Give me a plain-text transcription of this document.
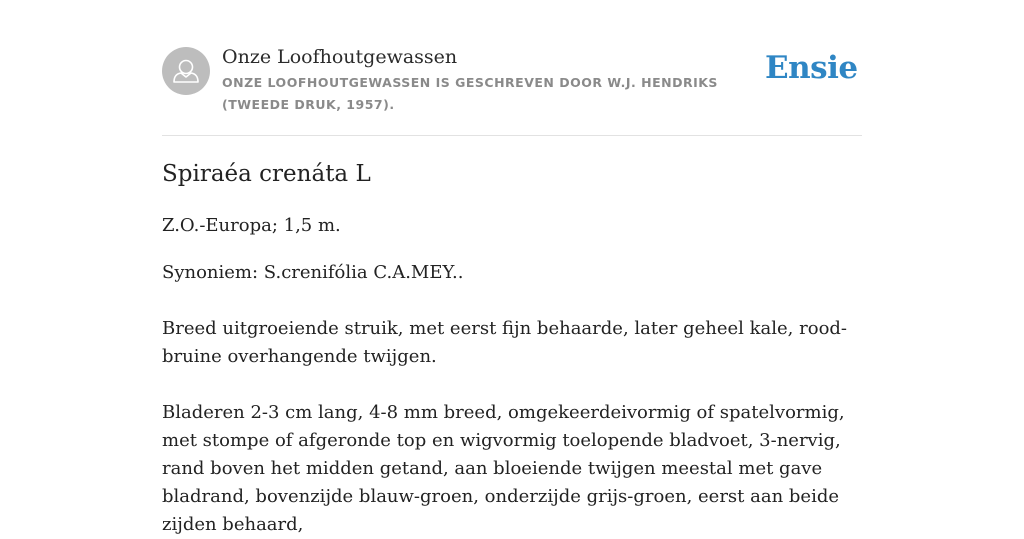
Onze Loofhoutgewassen
ONZE LOOFHOUTGEWASSEN IS GESCHREVEN DOOR W.J. HENDRIKS (TWEEDE DRUK, 1957).
Ensie
Spiraéa crenáta L

Z.O.-Europa; 1,5 m.

Synoniem: S.crenifólia C.A.MEY..

Breed uitgroeiende struik, met eerst fijn behaarde, later geheel kale, rood-bruine overhangende twijgen.

Bladeren 2-3 cm lang, 4-8 mm breed, omgekeerdeivormig of spatelvormig, met stompe of afgeronde top en wigvormig toelopende bladvoet, 3-nervig, rand boven het midden getand, aan bloeiende twijgen meestal met gave bladrand, bovenzijde blauw-groen, onderzijde grijs-groen, eerst aan beide zijden behaard,
